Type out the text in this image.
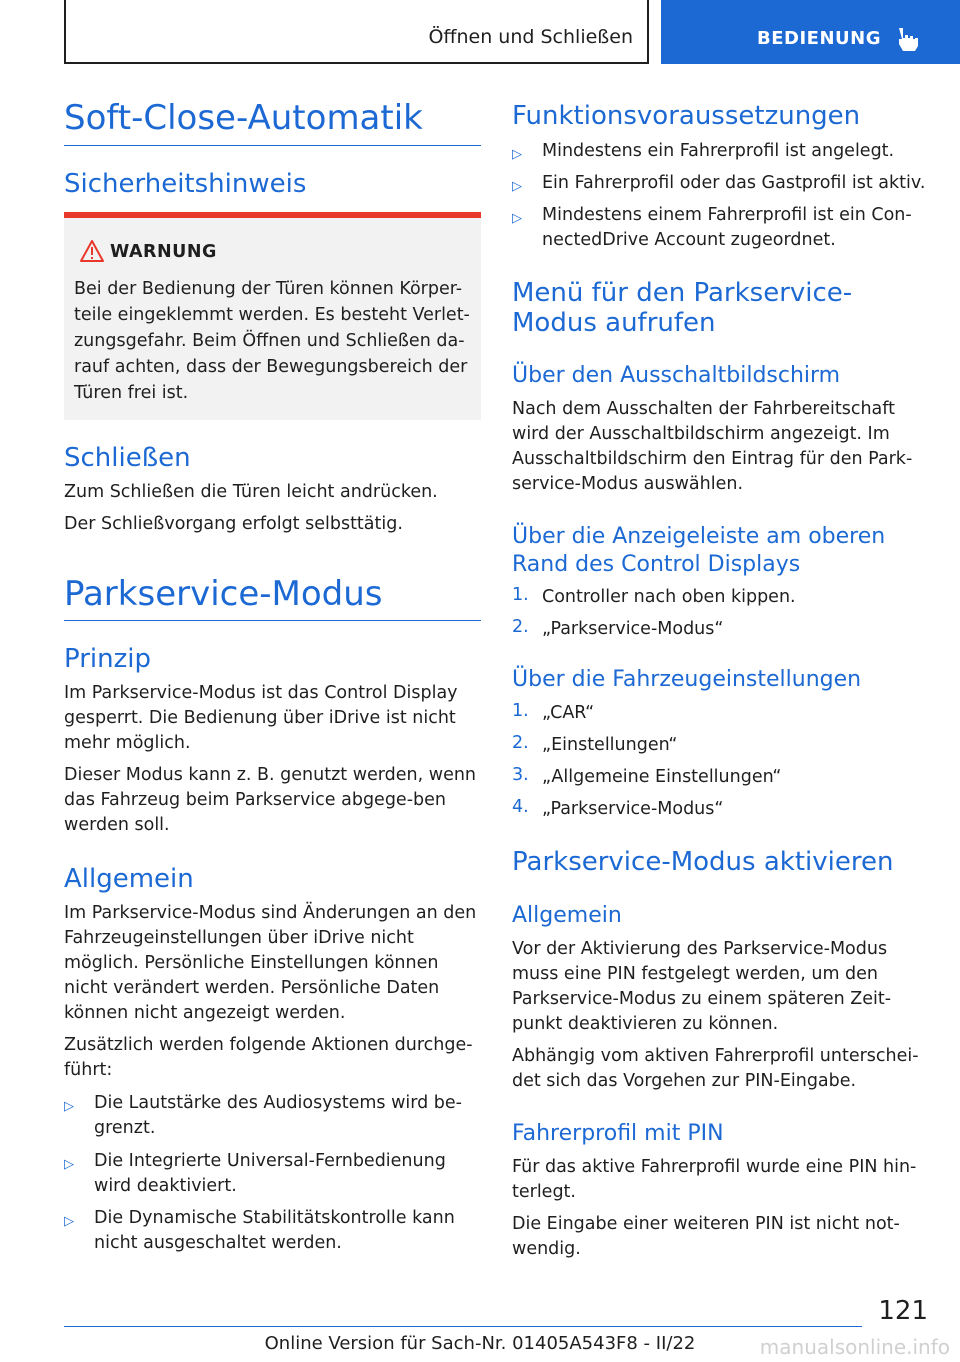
Öffnen und Schließen	BEDIENUNG
Soft-Close-Automatik
Sicherheitshinweis
WARNUNG
Bei der Bedienung der Türen können Körper-teile eingeklemmt werden. Es besteht Verlet-zungsgefahr. Beim Öffnen und Schließen da-rauf achten, dass der Bewegungsbereich der Türen frei ist.
Schließen
Zum Schließen die Türen leicht andrücken.
Der Schließvorgang erfolgt selbsttätig.
Parkservice-Modus
Prinzip
Im Parkservice-Modus ist das Control Display gesperrt. Die Bedienung über iDrive ist nicht mehr möglich.
Dieser Modus kann z. B. genutzt werden, wenn das Fahrzeug beim Parkservice abgege-ben werden soll.
Allgemein
Im Parkservice-Modus sind Änderungen an den Fahrzeugeinstellungen über iDrive nicht möglich. Persönliche Einstellungen können nicht verändert werden. Persönliche Daten können nicht angezeigt werden.
Zusätzlich werden folgende Aktionen durchge-führt:
▷ Die Lautstärke des Audiosystems wird be-grenzt.
▷ Die Integrierte Universal-Fernbedienung wird deaktiviert.
▷ Die Dynamische Stabilitätskontrolle kann nicht ausgeschaltet werden.
Funktionsvoraussetzungen
▷ Mindestens ein Fahrerprofil ist angelegt.
▷ Ein Fahrerprofil oder das Gastprofil ist aktiv.
▷ Mindestens einem Fahrerprofil ist ein Con-nectedDrive Account zugeordnet.
Menü für den Parkservice-Modus aufrufen
Über den Ausschaltbildschirm
Nach dem Ausschalten der Fahrbereitschaft wird der Ausschaltbildschirm angezeigt. Im Ausschaltbildschirm den Eintrag für den Park-service-Modus auswählen.
Über die Anzeigeleiste am oberen Rand des Control Displays
1. Controller nach oben kippen.
2. „Parkservice-Modus“
Über die Fahrzeugeinstellungen
1. „CAR“
2. „Einstellungen“
3. „Allgemeine Einstellungen“
4. „Parkservice-Modus“
Parkservice-Modus aktivieren
Allgemein
Vor der Aktivierung des Parkservice-Modus muss eine PIN festgelegt werden, um den Parkservice-Modus zu einem späteren Zeit-punkt deaktivieren zu können.
Abhängig vom aktiven Fahrerprofil unterschei-det sich das Vorgehen zur PIN-Eingabe.
Fahrerprofil mit PIN
Für das aktive Fahrerprofil wurde eine PIN hin-terlegt.
Die Eingabe einer weiteren PIN ist nicht not-wendig.
121
Online Version für Sach-Nr. 01405A543F8 - II/22	manualsonline.info
